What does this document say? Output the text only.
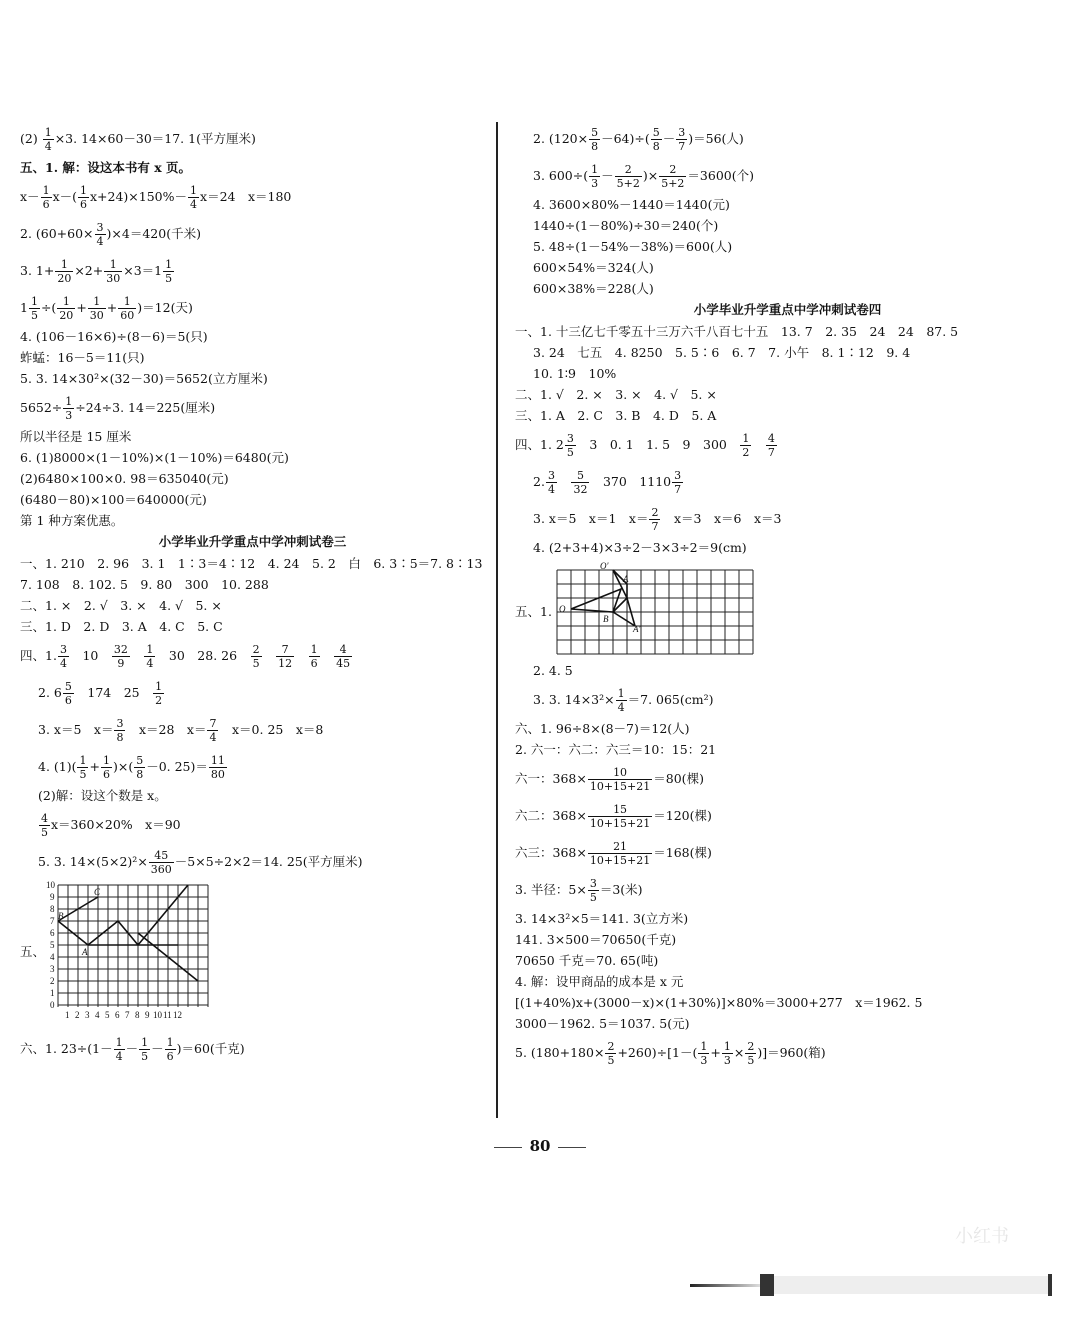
$(2) \frac{1}{4} \times 3$. 14×60－30＝17. 1(平方厘米)
五、1. 解：设这本书有 x 页。
$x- \frac{1}{6} x-( \frac{1}{6} x+24)\times 150\%- \frac{1}{4} x=24$　x＝180
2. $(60+60\times \frac{3}{4} )\times 4=420$(千米)
3. $1+ \frac{1}{20} \times 2+ \frac{1}{30} \times 3=1 \frac{1}{5}$
$1 \frac{1}{5}$ ÷( $\frac{1}{20} + \frac{1}{30} + \frac{1}{60} )=12$(天)
4. (106－16×6)÷(8－6)＝5(只)
蚱蜢：16－5＝11(只)
5. 3. 14×30²×(32－30)＝5652(立方厘米)
$5652\div \frac{1}{3} \div 24\div 3$. 14＝225(厘米)
所以半径是 15 厘米
6. (1)8000×(1－10%)×(1－10%)＝6480(元)
(2)6480×100×0. 98＝635040(元)
(6480－80)×100＝640000(元)
第 1 种方案优惠。
小学毕业升学重点中学冲刺试卷三
一、1. 210　2. 96　3. 1　1∶3＝4∶12　4. 24　5. 2　白　6. 3∶5＝7. 8∶13
7. 108　8. 102. 5　9. 80　300　10. 288
二、1. ×　2. √　3. ×　4. √　5. ×
三、1. D　2. D　3. A　4. C　5. C
四、1. $\frac{3}{4}$
　 10　 $\frac{32}{9}$
　 $\frac{1}{4}$
　 30　28. 26　 $\frac{2}{5}$
　 $\frac{7}{12}$
　 $\frac{1}{6}$
　 $\frac{4}{45}$
2. $6 \frac{5}{6}$
　 174　25　 $\frac{1}{2}$
3. x＝5　$x= \frac{3}{8}$
　 x＝28　$x= \frac{7}{4}$
　 x＝0. 25　x＝8
4. $(1)( \frac{1}{5} + \frac{1}{6}$ )×( $\frac{5}{8} -0$. $25)= \frac{11}{80}$
(2)解：设这个数是 x。
$\frac{4}{5} x=360\times 20\%$　x＝90
5. 3. $14\times(5\times 2)^2\times \frac{45}{360} -5\times 5\div 2\times 2=14$. 25(平方厘米)
五、
10
9
8
7
6
5
4
3
2
1
0
1 2 3 4 5 6 7 8 9 10 11 12
C
B
A
六、1. $23\div(1- \frac{1}{4} - \frac{1}{5} - \frac{1}{6} )=60$(千克)
2. $(120\times \frac{5}{8} -64)\div( \frac{5}{8} - \frac{3}{7} )=56$(人)
3. $600\div( \frac{1}{3} - \frac{2}{5+2}$ )× $\frac{2}{5+2} =3600$(个)
4. 3600×80%－1440＝1440(元)
1440÷(1－80%)÷30＝240(个)
5. 48÷(1－54%－38%)＝600(人)
600×54%＝324(人)
600×38%＝228(人)
小学毕业升学重点中学冲刺试卷四
一、1. 十三亿七千零五十三万六千八百七十五　13. 7　2. 35　24　24　87. 5
3. 24　七五　4. 8250　5. 5∶6　6. 7　7. 小午　8. 1∶12　9. 4
10. 1∶9　10%
二、1. √　2. ×　3. ×　4. √　5. ×
三、1. A　2. C　3. B　4. D　5. A
四、1. $2 \frac{3}{5}$
　 3　0. 1　1. 5　9　300　 $\frac{1}{2}$
　 $\frac{4}{7}$
2. $\frac{3}{4}$
　 $\frac{5}{32}$
　 370　$1110 \frac{3}{7}$
3. x＝5　x＝1　$x= \frac{2}{7}$
　 x＝3　x＝6　x＝3
4. (2+3+4)×3÷2－3×3÷2＝9(cm)
五、1.
O'
A
O
B
A'
2. 4. 5
3. 3. $14\times 3^2\times \frac{1}{4} =7$. 065(cm²)
六、1. 96÷8×(8－7)＝12(人)
2. 六一：六二：六三＝10：15：21
六一：$368\times \frac{10}{10+15+21} =80$(棵)
六二：$368\times \frac{15}{10+15+21} =120$(棵)
六三：$368\times \frac{21}{10+15+21} =168$(棵)
3. 半径：$5\times \frac{3}{5} =3$(米)
3. 14×3²×5＝141. 3(立方米)
141. 3×500＝70650(千克)
70650 千克＝70. 65(吨)
4. 解：设甲商品的成本是 x 元
[(1+40%)x+(3000－x)×(1+30%)]×80%＝3000+277　x＝1962. 5
3000－1962. 5＝1037. 5(元)
5. $(180+180\times \frac{2}{5} +260)\div[1-( \frac{1}{3} + \frac{1}{3} \times \frac{2}{5} )]=960$(箱)
80
小红书
